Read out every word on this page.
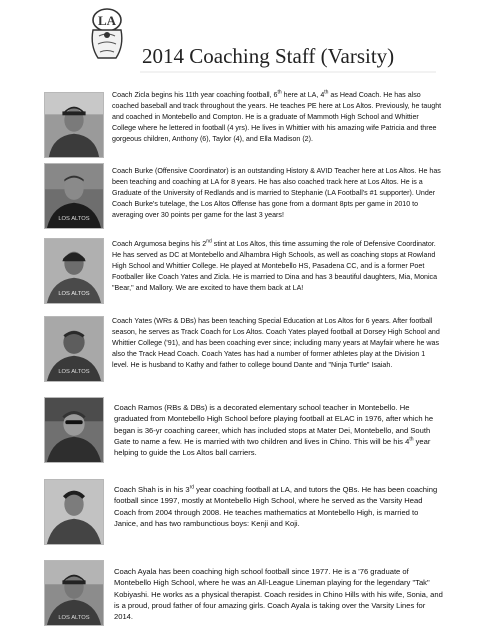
LA
2014 Coaching Staff (Varsity)
Coach Zicla begins his 11th year coaching football, 6th here at LA, 4th as Head Coach. He has also coached baseball and track throughout the years. He teaches PE here at Los Altos. Previously, he taught and coached in Montebello and Compton. He is a graduate of Mammoth High School and Whittier College where he lettered in football (4 yrs). He lives in Whittier with his amazing wife Patricia and three gorgeous children, Anthony (6), Taylor (4), and Ella Madison (2).
LOS ALTOS
Coach Burke (Offensive Coordinator) is an outstanding History & AVID Teacher here at Los Altos. He has been teaching and coaching at LA for 8 years. He has also coached track here at Los Altos. He is a Graduate of the University of Redlands and is married to Stephanie (LA Football's #1 supporter). Under Coach Burke's tutelage, the Los Altos Offense has gone from a dormant 8pts per game in 2010 to averaging over 30 points per game for the last 3 years!
LOS ALTOS
Coach Argumosa begins his 2nd stint at Los Altos, this time assuming the role of Defensive Coordinator. He has served as DC at Montebello and Alhambra High Schools, as well as coaching stops at Rowland High School and Whittier College. He played at Montebello HS, Pasadena CC, and is a former Poet Footballer like Coach Yates and Zicla. He is married to Dina and has 3 beautiful daughters, Mia, Monica "Bear," and Mallory. We are excited to have them back at LA!
LOS ALTOS
Coach Yates (WRs & DBs) has been teaching Special Education at Los Altos for 6 years. After football season, he serves as Track Coach for Los Altos. Coach Yates played football at Dorsey High School and Whittier College ('91), and has been coaching ever since; including many years at Mayfair where he was also the Track Head Coach. Coach Yates has had a number of former athletes play at the Division 1 level. He is husband to Kathy and father to college bound Dante and "Ninja Turtle" Isaiah.
Coach Ramos (RBs & DBs) is a decorated elementary school teacher in Montebello. He graduated from Montebello High School before playing football at ELAC in 1976, after which he began is 36-yr coaching career, which has included stops at Mater Dei, Montebello, and South Gate to name a few. He is married with two children and lives in Chino. This will be his 4th year helping to guide the Los Altos ball carriers.
Coach Shah is in his 3rd year coaching football at LA, and tutors the QBs. He has been coaching football since 1997, mostly at Montebello High School, where he served as the Varsity Head Coach from 2004 through 2008. He teaches mathematics at Montebello High, is married to Janice, and has two rambunctious boys: Kenji and Koji.
LOS ALTOS
Coach Ayala has been coaching high school football since 1977. He is a '76 graduate of Montebello High School, where he was an All-League Lineman playing for the legendary "Tak" Kobiyashi. He works as a physical therapist. Coach resides in Chino Hills with his wife, Sonia, and is a proud, proud father of four amazing girls. Coach Ayala is taking over the Varsity Lines for 2014.
